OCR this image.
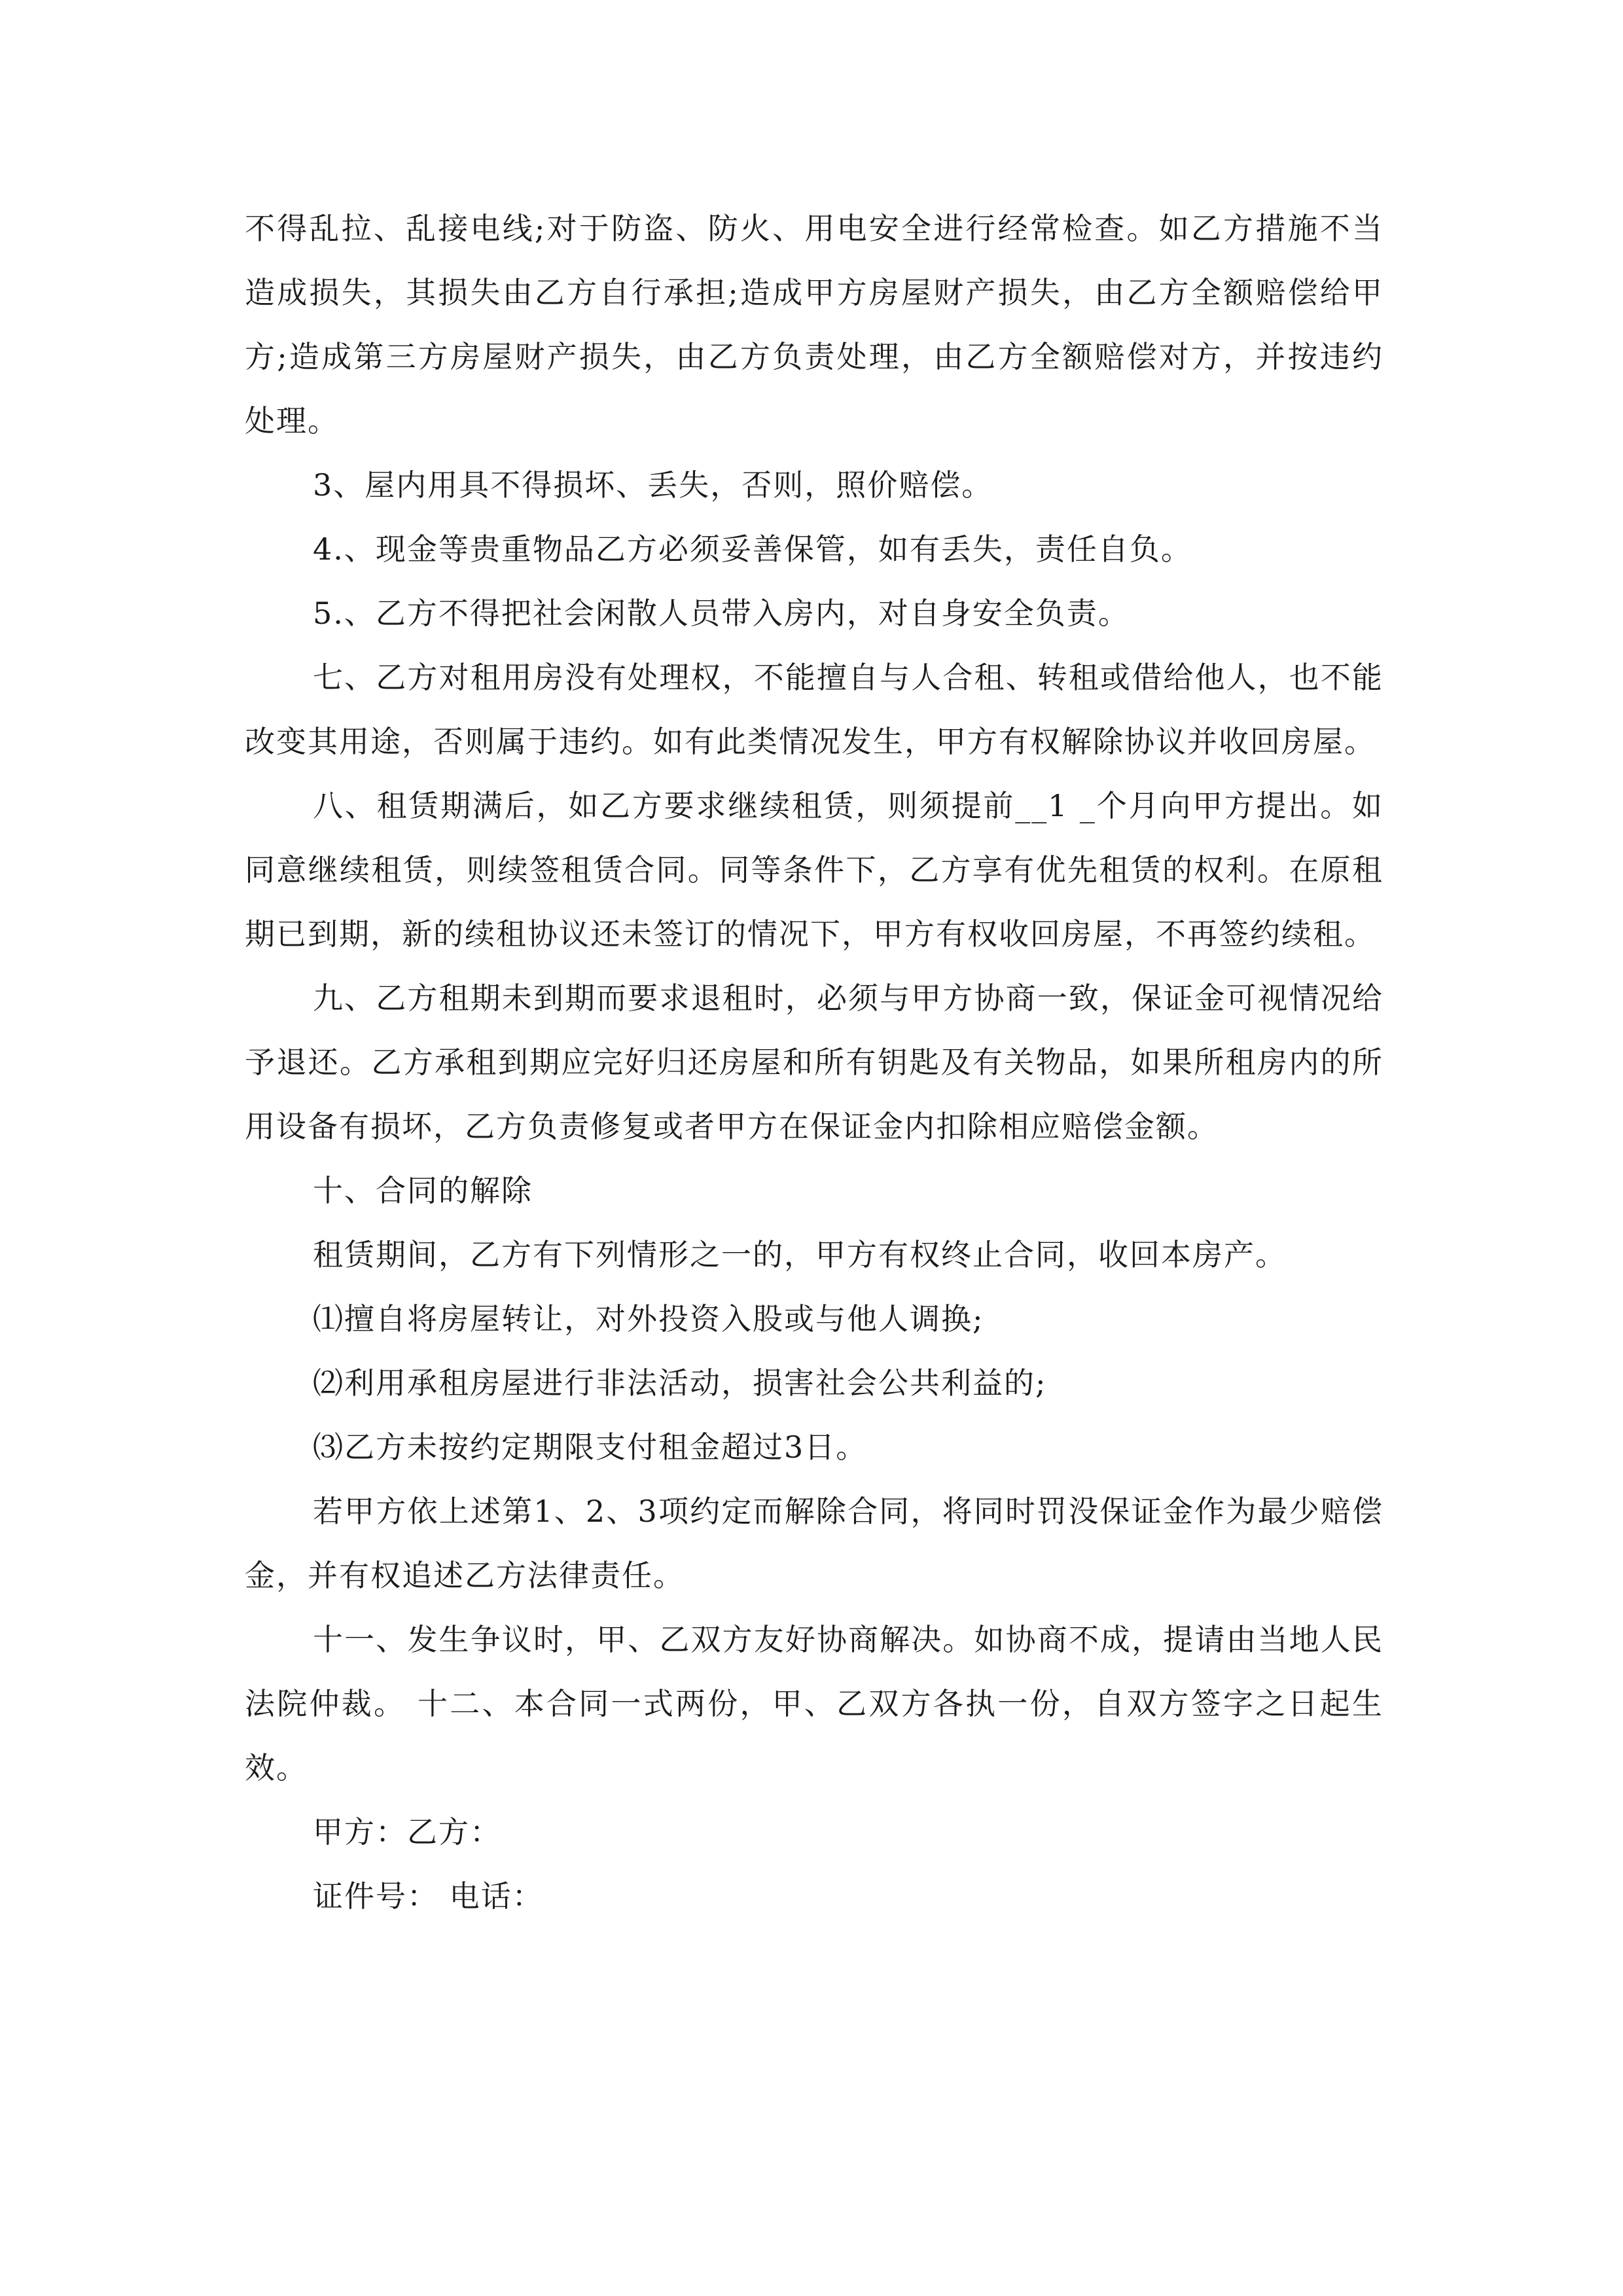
不得乱拉、乱接电线;对于防盗、防火、用电安全进行经常检查。如乙方措施不当造成损失，其损失由乙方自行承担;造成甲方房屋财产损失，由乙方全额赔偿给甲方;造成第三方房屋财产损失，由乙方负责处理，由乙方全额赔偿对方，并按违约处理。

3、屋内用具不得损坏、丢失，否则，照价赔偿。

4.、现金等贵重物品乙方必须妥善保管，如有丢失，责任自负。

5.、乙方不得把社会闲散人员带入房内，对自身安全负责。

七、乙方对租用房没有处理权，不能擅自与人合租、转租或借给他人，也不能改变其用途，否则属于违约。如有此类情况发生，甲方有权解除协议并收回房屋。

八、租赁期满后，如乙方要求继续租赁，则须提前__1 _个月向甲方提出。如同意继续租赁，则续签租赁合同。同等条件下，乙方享有优先租赁的权利。在原租期已到期，新的续租协议还未签订的情况下，甲方有权收回房屋，不再签约续租。

九、乙方租期未到期而要求退租时，必须与甲方协商一致，保证金可视情况给予退还。乙方承租到期应完好归还房屋和所有钥匙及有关物品，如果所租房内的所用设备有损坏，乙方负责修复或者甲方在保证金内扣除相应赔偿金额。

十、合同的解除

租赁期间，乙方有下列情形之一的，甲方有权终止合同，收回本房产。

⑴擅自将房屋转让，对外投资入股或与他人调换;

⑵利用承租房屋进行非法活动，损害社会公共利益的;

⑶乙方未按约定期限支付租金超过3日。

若甲方依上述第1、2、3项约定而解除合同，将同时罚没保证金作为最少赔偿金，并有权追述乙方法律责任。

十一、发生争议时，甲、乙双方友好协商解决。如协商不成，提请由当地人民法院仲裁。 十二、本合同一式两份，甲、乙双方各执一份，自双方签字之日起生效。

甲方：乙方：

证件号： 电话：
